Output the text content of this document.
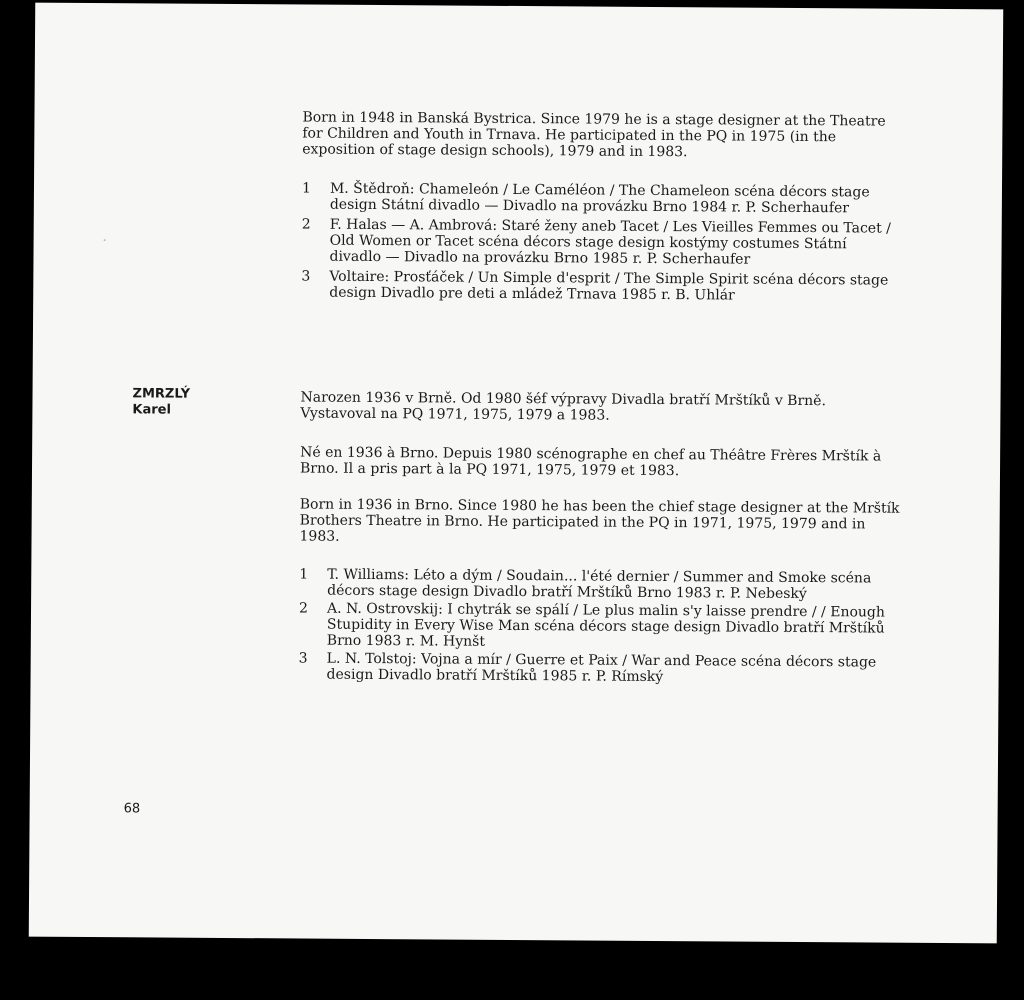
Born in 1948 in Banská Bystrica. Since 1979 he is a stage designer at the Theatre for Children and Youth in Trnava. He participated in the PQ in 1975 (in the exposition of stage design schools), 1979 and in 1983.

1 M. Štědroň: Chameleón / Le Caméléon / The Chameleon scéna décors stage design Státní divadlo — Divadlo na provázku Brno 1984 r. P. Scherhaufer
2 F. Halas — A. Ambrová: Staré ženy aneb Tacet / Les Vieilles Femmes ou Tacet / Old Women or Tacet scéna décors stage design kostýmy costumes Státní divadlo — Divadlo na provázku Brno 1985 r. P. Scherhaufer
3 Voltaire: Prosťáček / Un Simple d'esprit / The Simple Spirit scéna décors stage design Divadlo pre deti a mládež Trnava 1985 r. B. Uhlár
ZMRZLÝ
Karel

Narozen 1936 v Brně. Od 1980 šéf výpravy Divadla bratří Mrštíků v Brně. Vystavoval na PQ 1971, 1975, 1979 a 1983.

Né en 1936 à Brno. Depuis 1980 scénographe en chef au Théâtre Frères Mrštík à Brno. Il a pris part à la PQ 1971, 1975, 1979 et 1983.

Born in 1936 in Brno. Since 1980 he has been the chief stage designer at the Mrštík Brothers Theatre in Brno. He participated in the PQ in 1971, 1975, 1979 and in 1983.

1 T. Williams: Léto a dým / Soudain... l'été dernier / Summer and Smoke scéna décors stage design Divadlo bratří Mrštíků Brno 1983 r. P. Nebeský
2 A. N. Ostrovskij: I chytrák se spálí / Le plus malin s'y laisse prendre / / Enough Stupidity in Every Wise Man scéna décors stage design Divadlo bratří Mrštíků Brno 1983 r. M. Hynšt
3 L. N. Tolstoj: Vojna a mír / Guerre et Paix / War and Peace scéna décors stage design Divadlo bratří Mrštíků 1985 r. P. Rímský
68
